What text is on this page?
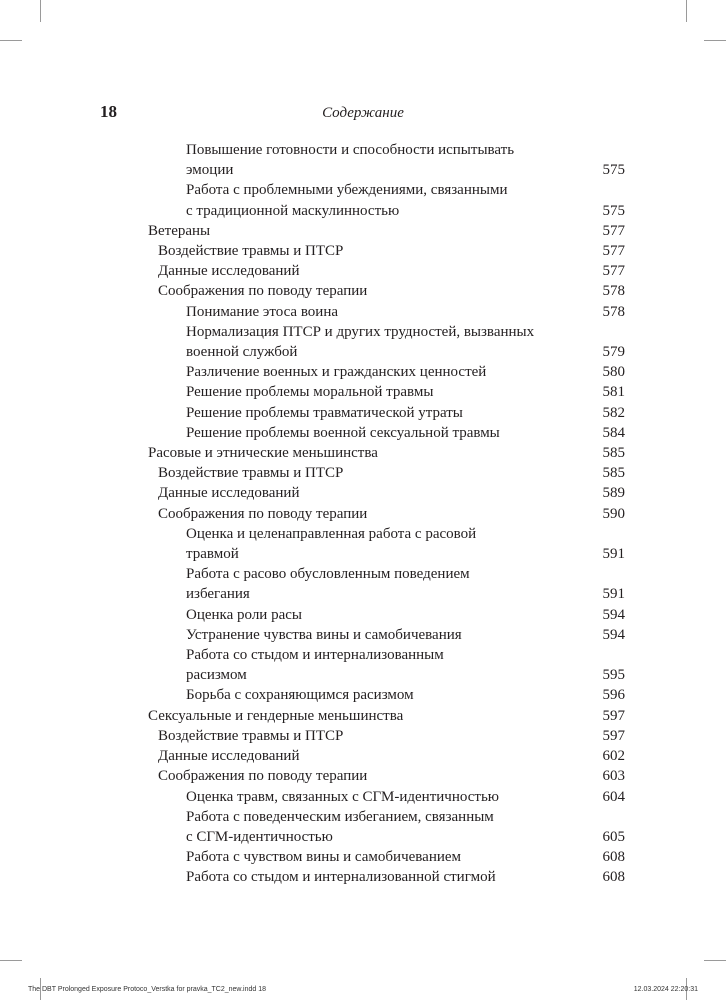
18	Содержание
Повышение готовности и способности испытывать
эмоции	575
Работа с проблемными убеждениями, связанными
с традиционной маскулинностью	575
Ветераны	577
Воздействие травмы и ПТСР	577
Данные исследований	577
Соображения по поводу терапии	578
Понимание этоса воина	578
Нормализация ПТСР и других трудностей, вызванных
военной службой	579
Различение военных и гражданских ценностей	580
Решение проблемы моральной травмы	581
Решение проблемы травматической утраты	582
Решение проблемы военной сексуальной травмы	584
Расовые и этнические меньшинства	585
Воздействие травмы и ПТСР	585
Данные исследований	589
Соображения по поводу терапии	590
Оценка и целенаправленная работа с расовой
травмой	591
Работа с расово обусловленным поведением
избегания	591
Оценка роли расы	594
Устранение чувства вины и самобичевания	594
Работа со стыдом и интернализованным
расизмом	595
Борьба с сохраняющимся расизмом	596
Сексуальные и гендерные меньшинства	597
Воздействие травмы и ПТСР	597
Данные исследований	602
Соображения по поводу терапии	603
Оценка травм, связанных с СГМ-идентичностью	604
Работа с поведенческим избеганием, связанным
с СГМ-идентичностью	605
Работа с чувством вины и самобичеванием	608
Работа со стыдом и интернализованной стигмой	608
The DBT Prolonged Exposure Protoco_Verstka for pravka_TC2_new.indd 18	12.03.2024 22:20:31
